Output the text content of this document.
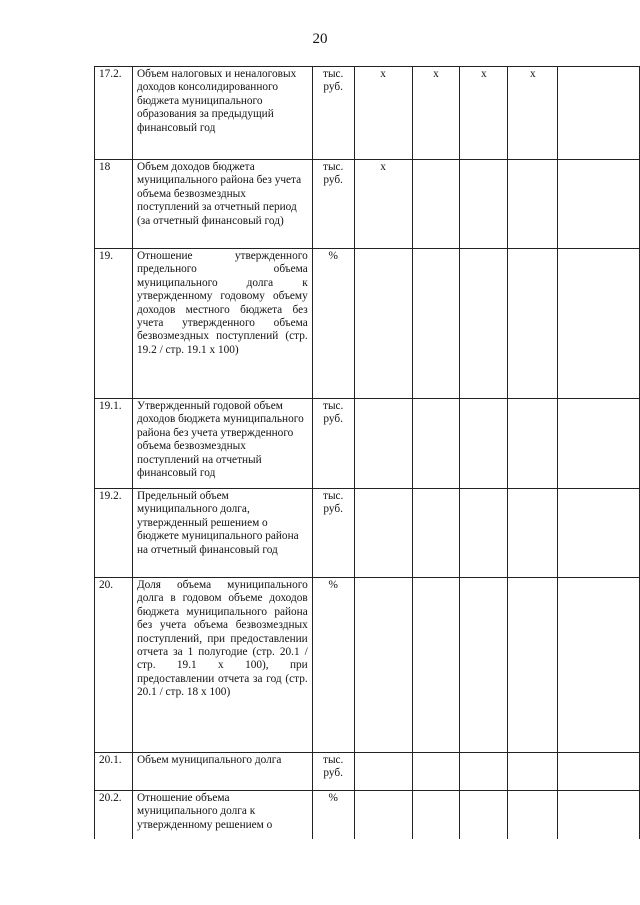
20
17.2.	Объем налоговых и неналоговых доходов консолидированного бюджета муниципального образования за предыдущий финансовый год	тыс. руб.	x	x	x	x	
18	Объем доходов бюджета муниципального района без учета объема безвозмездных поступлений за отчетный период (за отчетный финансовый год)	тыс. руб.	x				
19.	Отношение утвержденного предельного объема муниципального долга к утвержденному годовому объему доходов местного бюджета без учета утвержденного объема безвозмездных поступлений (стр. 19.2 / стр. 19.1 х 100)	%					
19.1.	Утвержденный годовой объем доходов бюджета муниципального района без учета утвержденного объема безвозмездных поступлений на отчетный финансовый год	тыс. руб.					
19.2.	Предельный объем муниципального долга, утвержденный решением о бюджете муниципального района на отчетный финансовый год	тыс. руб.					
20.	Доля объема муниципального долга в годовом объеме доходов бюджета муниципального района без учета объема безвозмездных поступлений, при предоставлении отчета за 1 полугодие (стр. 20.1 / стр. 19.1 х 100), при предоставлении отчета за год (стр. 20.1 / стр. 18 х 100)	%					
20.1.	Объем муниципального долга	тыс. руб.					
20.2.	Отношение объема муниципального долга к утвержденному решением о	%					
